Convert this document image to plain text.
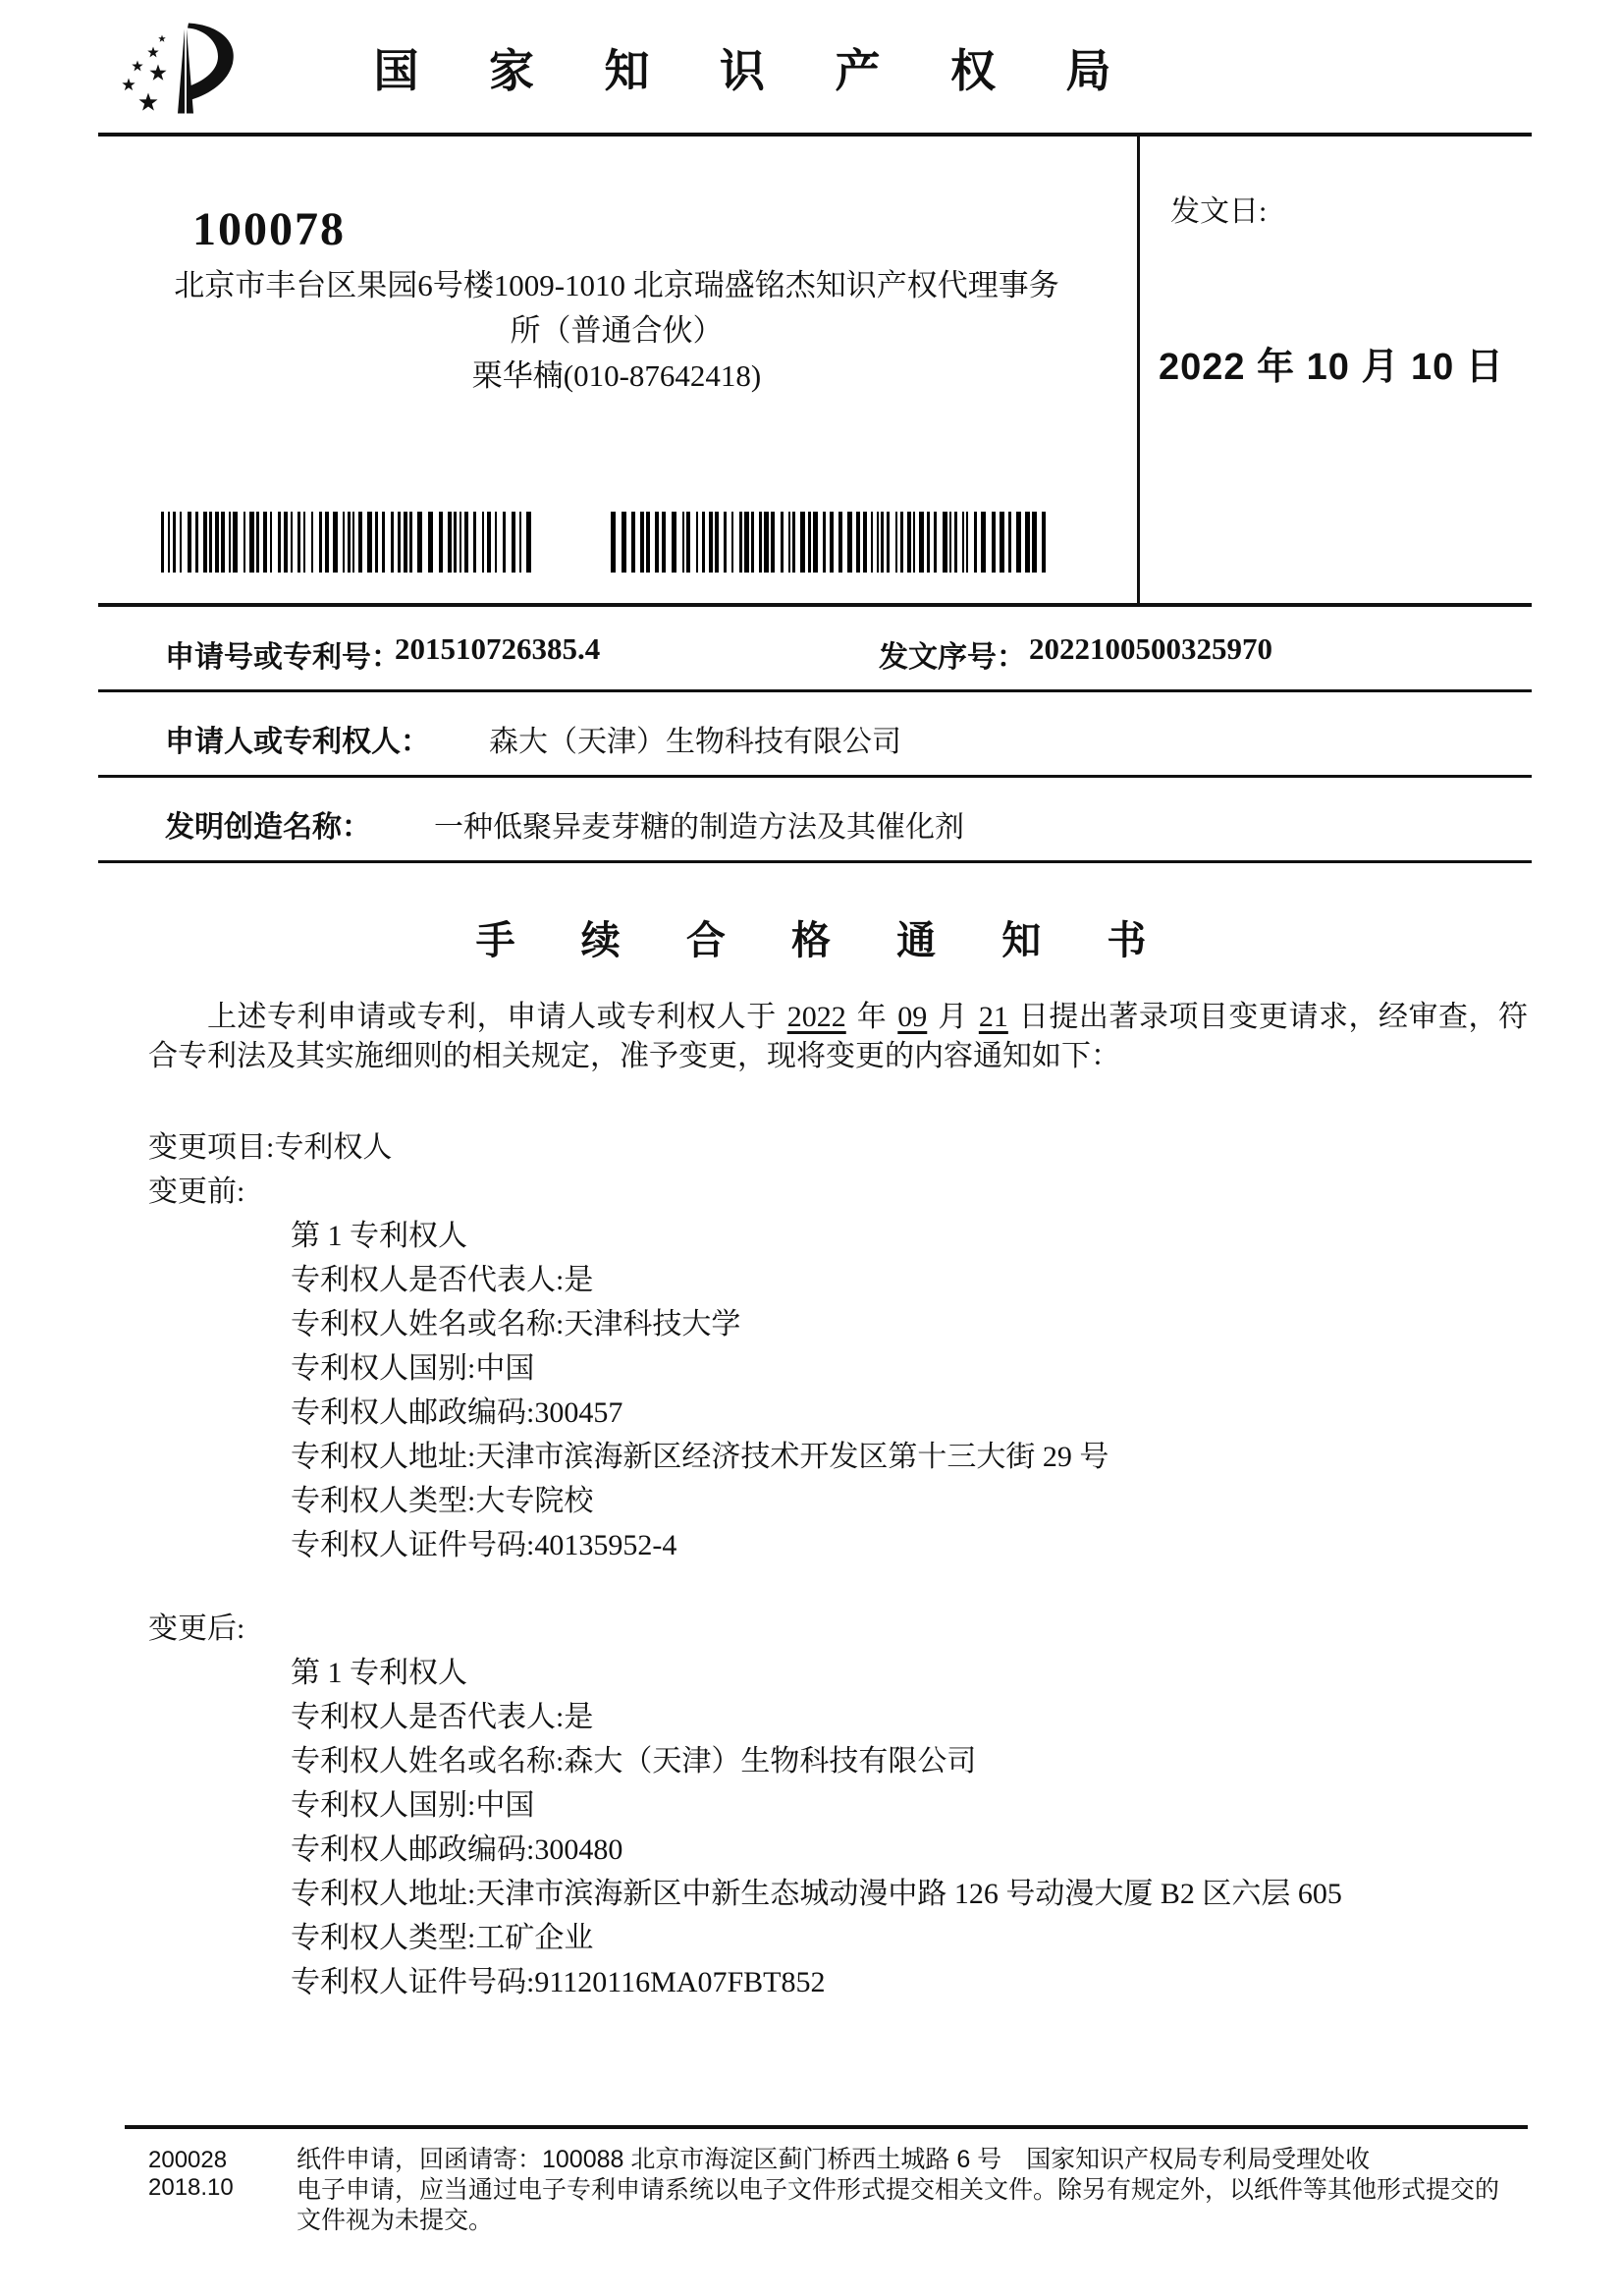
国 家 知 识 产 权 局
100078
北京市丰台区果园6号楼1009-1010 北京瑞盛铭杰知识产权代理事务
所（普通合伙）
栗华楠(010-87642418)
发文日:
2022 年 10 月 10 日
申请号或专利号：
201510726385.4	发文序号： 2022100500325970
申请人或专利权人： 森大（天津）生物科技有限公司
发明创造名称： 一种低聚异麦芽糖的制造方法及其催化剂
手 续 合 格 通 知 书
上述专利申请或专利，申请人或专利权人于 2022 年 09 月 21 日提出著录项目变更请求，经审查，符合专利法及其实施细则的相关规定，准予变更，现将变更的内容通知如下：
变更项目:专利权人
变更前:
第 1 专利权人
专利权人是否代表人:是
专利权人姓名或名称:天津科技大学
专利权人国别:中国
专利权人邮政编码:300457
专利权人地址:天津市滨海新区经济技术开发区第十三大街 29 号
专利权人类型:大专院校
专利权人证件号码:40135952-4
变更后:
第 1 专利权人
专利权人是否代表人:是
专利权人姓名或名称:森大（天津）生物科技有限公司
专利权人国别:中国
专利权人邮政编码:300480
专利权人地址:天津市滨海新区中新生态城动漫中路 126 号动漫大厦 B2 区六层 605
专利权人类型:工矿企业
专利权人证件号码:91120116MA07FBT852
200028
2018.10
纸件申请，回函请寄：100088 北京市海淀区蓟门桥西土城路 6 号　国家知识产权局专利局受理处收
电子申请，应当通过电子专利申请系统以电子文件形式提交相关文件。除另有规定外，以纸件等其他形式提交的
文件视为未提交。
